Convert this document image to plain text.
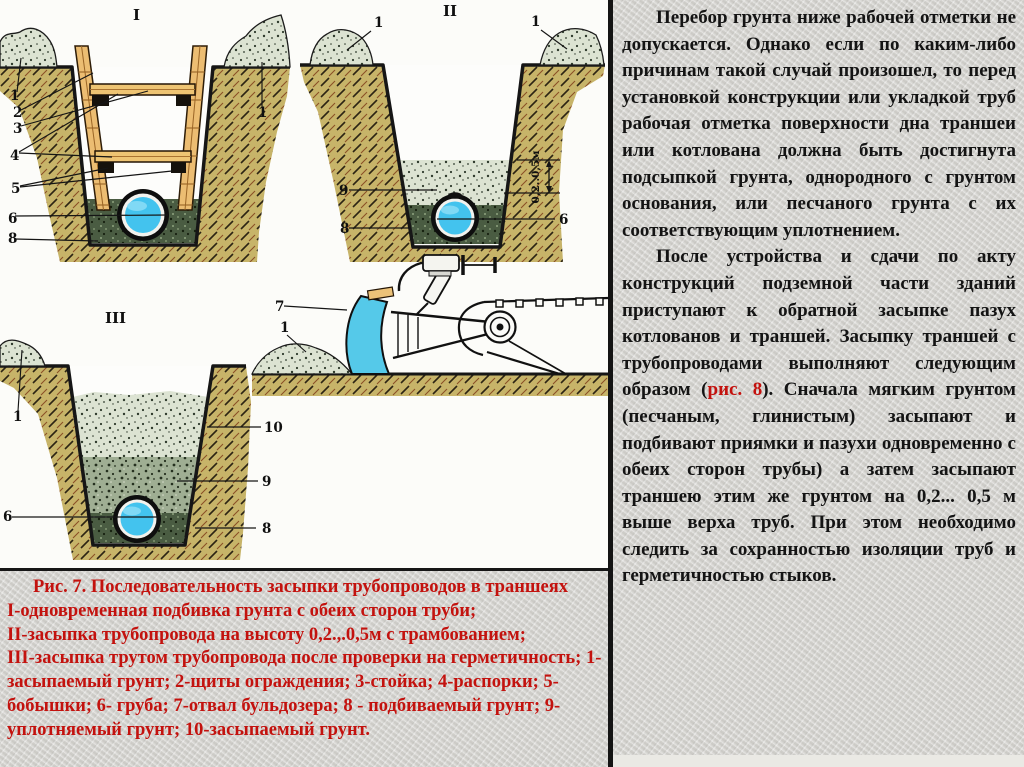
I
1
2
3
4
5
6
8
1
II
1	1
9
8
6
0,2..0,5м
7
1
III
1
6
10
9
8
Рис. 7. Последовательность засыпки трубопроводов в траншеях
I-одновременная подбивка грунта с обеих сторон труби;
II-засыпка трубопровода на высоту 0,2.,.0,5м с трамбованием;
III-засыпка трутом трубопровода после проверки на герметичность; 1-засыпаемый грунт; 2-щиты ограждения; 3-стойка; 4-распорки; 5-бобышки; 6- груба; 7-отвал бульдозера; 8 - подбиваемый грунт; 9-уплотняемый грунт; 10-засыпаемый грунт.

Перебор грунта ниже рабочей отметки не допускается. Однако если по каким-либо причинам такой случай произошел, то перед установкой конструкции или укладкой труб рабочая отметка поверхности дна траншеи или котлована должна быть достигнута подсыпкой грунта, однородного с грунтом основания, или песчаного грунта с их соответствующим уплотнением.

После устройства и сдачи по акту конструкций подземной части зданий приступают к обратной засыпке пазух котлованов и траншей. Засыпку траншей с трубопроводами выполняют следующим образом (рис. 8). Сначала мягким грунтом (песчаным, глинистым) засыпают и подбивают приямки и пазухи одновременно с обеих сторон трубы) а затем засыпают траншею этим же грунтом на 0,2... 0,5 м выше верха труб. При этом необходимо следить за сохранностью изоляции труб и герметичностью стыков.
